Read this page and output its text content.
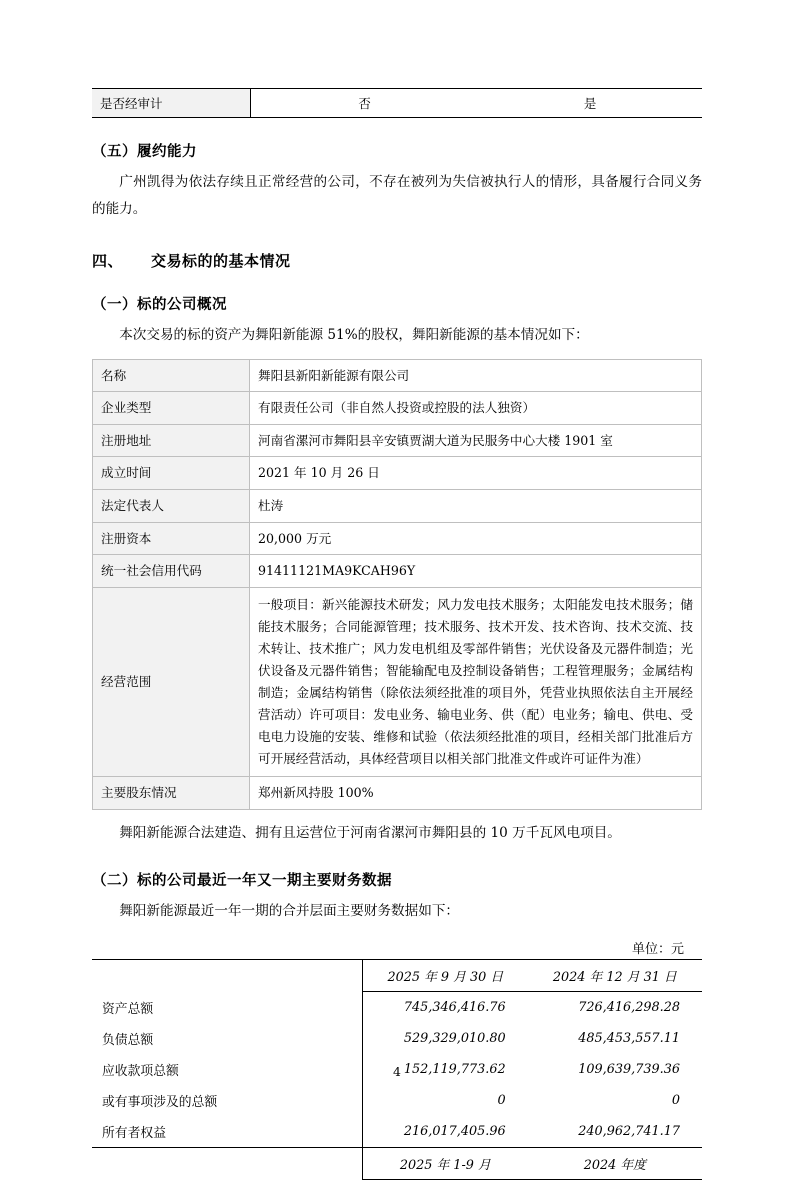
是否经审计	否	是
（五）履约能力

广州凯得为依法存续且正常经营的公司，不存在被列为失信被执行人的情形，具备履行合同义务的能力。

四、 交易标的的基本情况
（一）标的公司概况

本次交易的标的资产为舞阳新能源 51%的股权，舞阳新能源的基本情况如下：

名称	舞阳县新阳新能源有限公司
企业类型	有限责任公司（非自然人投资或控股的法人独资）
注册地址	河南省漯河市舞阳县辛安镇贾湖大道为民服务中心大楼 1901 室
成立时间	2021 年 10 月 26 日
法定代表人	杜涛
注册资本	20,000 万元
统一社会信用代码	91411121MA9KCAH96Y
经营范围	一般项目：新兴能源技术研发；风力发电技术服务；太阳能发电技术服务；储能技术服务；合同能源管理；技术服务、技术开发、技术咨询、技术交流、技术转让、技术推广；风力发电机组及零部件销售；光伏设备及元器件制造；光伏设备及元器件销售；智能输配电及控制设备销售；工程管理服务；金属结构制造；金属结构销售（除依法须经批准的项目外，凭营业执照依法自主开展经营活动）许可项目：发电业务、输电业务、供（配）电业务；输电、供电、受电电力设施的安装、维修和试验（依法须经批准的项目，经相关部门批准后方可开展经营活动，具体经营项目以相关部门批准文件或许可证件为准）
主要股东情况	郑州新风持股 100%

舞阳新能源合法建造、拥有且运营位于河南省漯河市舞阳县的 10 万千瓦风电项目。

（二）标的公司最近一年又一期主要财务数据

舞阳新能源最近一年一期的合并层面主要财务数据如下：

单位：元
	2025 年 9 月 30 日	2024 年 12 月 31 日
资产总额	745,346,416.76	726,416,298.28
负债总额	529,329,010.80	485,453,557.11
应收款项总额	152,119,773.62	109,639,739.36
或有事项涉及的总额	0	0
所有者权益	216,017,405.96	240,962,741.17
	2025 年 1-9 月	2024 年度
4
